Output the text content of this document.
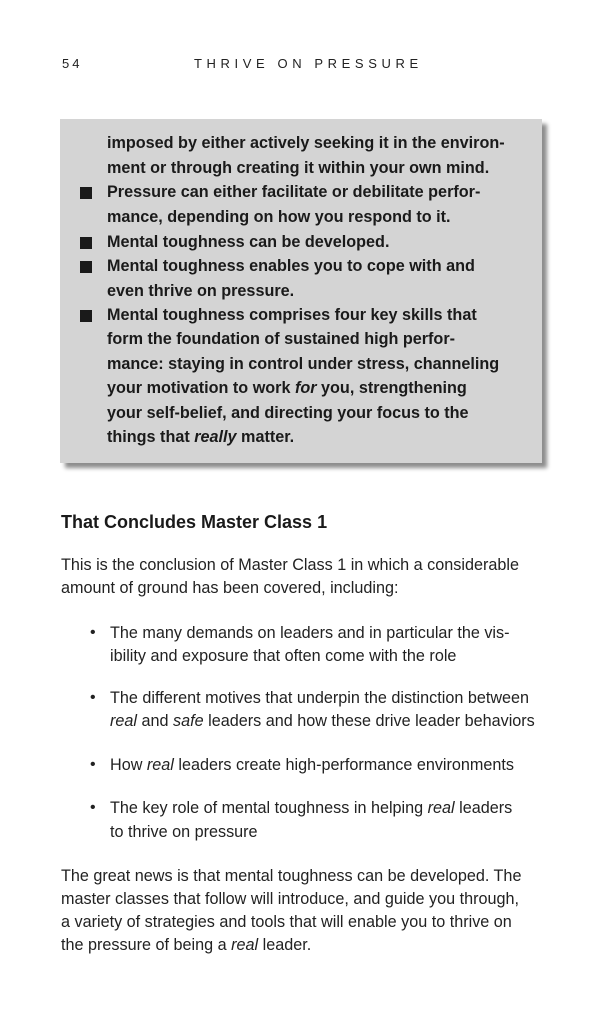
54	THRIVE ON PRESSURE
imposed by either actively seeking it in the environ-
ment or through creating it within your own mind.
Pressure can either facilitate or debilitate perfor-
mance, depending on how you respond to it.
Mental toughness can be developed.
Mental toughness enables you to cope with and
even thrive on pressure.
Mental toughness comprises four key skills that
form the foundation of sustained high perfor-
mance: staying in control under stress, channeling
your motivation to work for you, strengthening
your self-belief, and directing your focus to the
things that really matter.
That Concludes Master Class 1
This is the conclusion of Master Class 1 in which a considerable
amount of ground has been covered, including:
• The many demands on leaders and in particular the vis-
ibility and exposure that often come with the role
• The different motives that underpin the distinction between
real and safe leaders and how these drive leader behaviors
• How real leaders create high-performance environments
• The key role of mental toughness in helping real leaders
to thrive on pressure
The great news is that mental toughness can be developed. The
master classes that follow will introduce, and guide you through,
a variety of strategies and tools that will enable you to thrive on
the pressure of being a real leader.
